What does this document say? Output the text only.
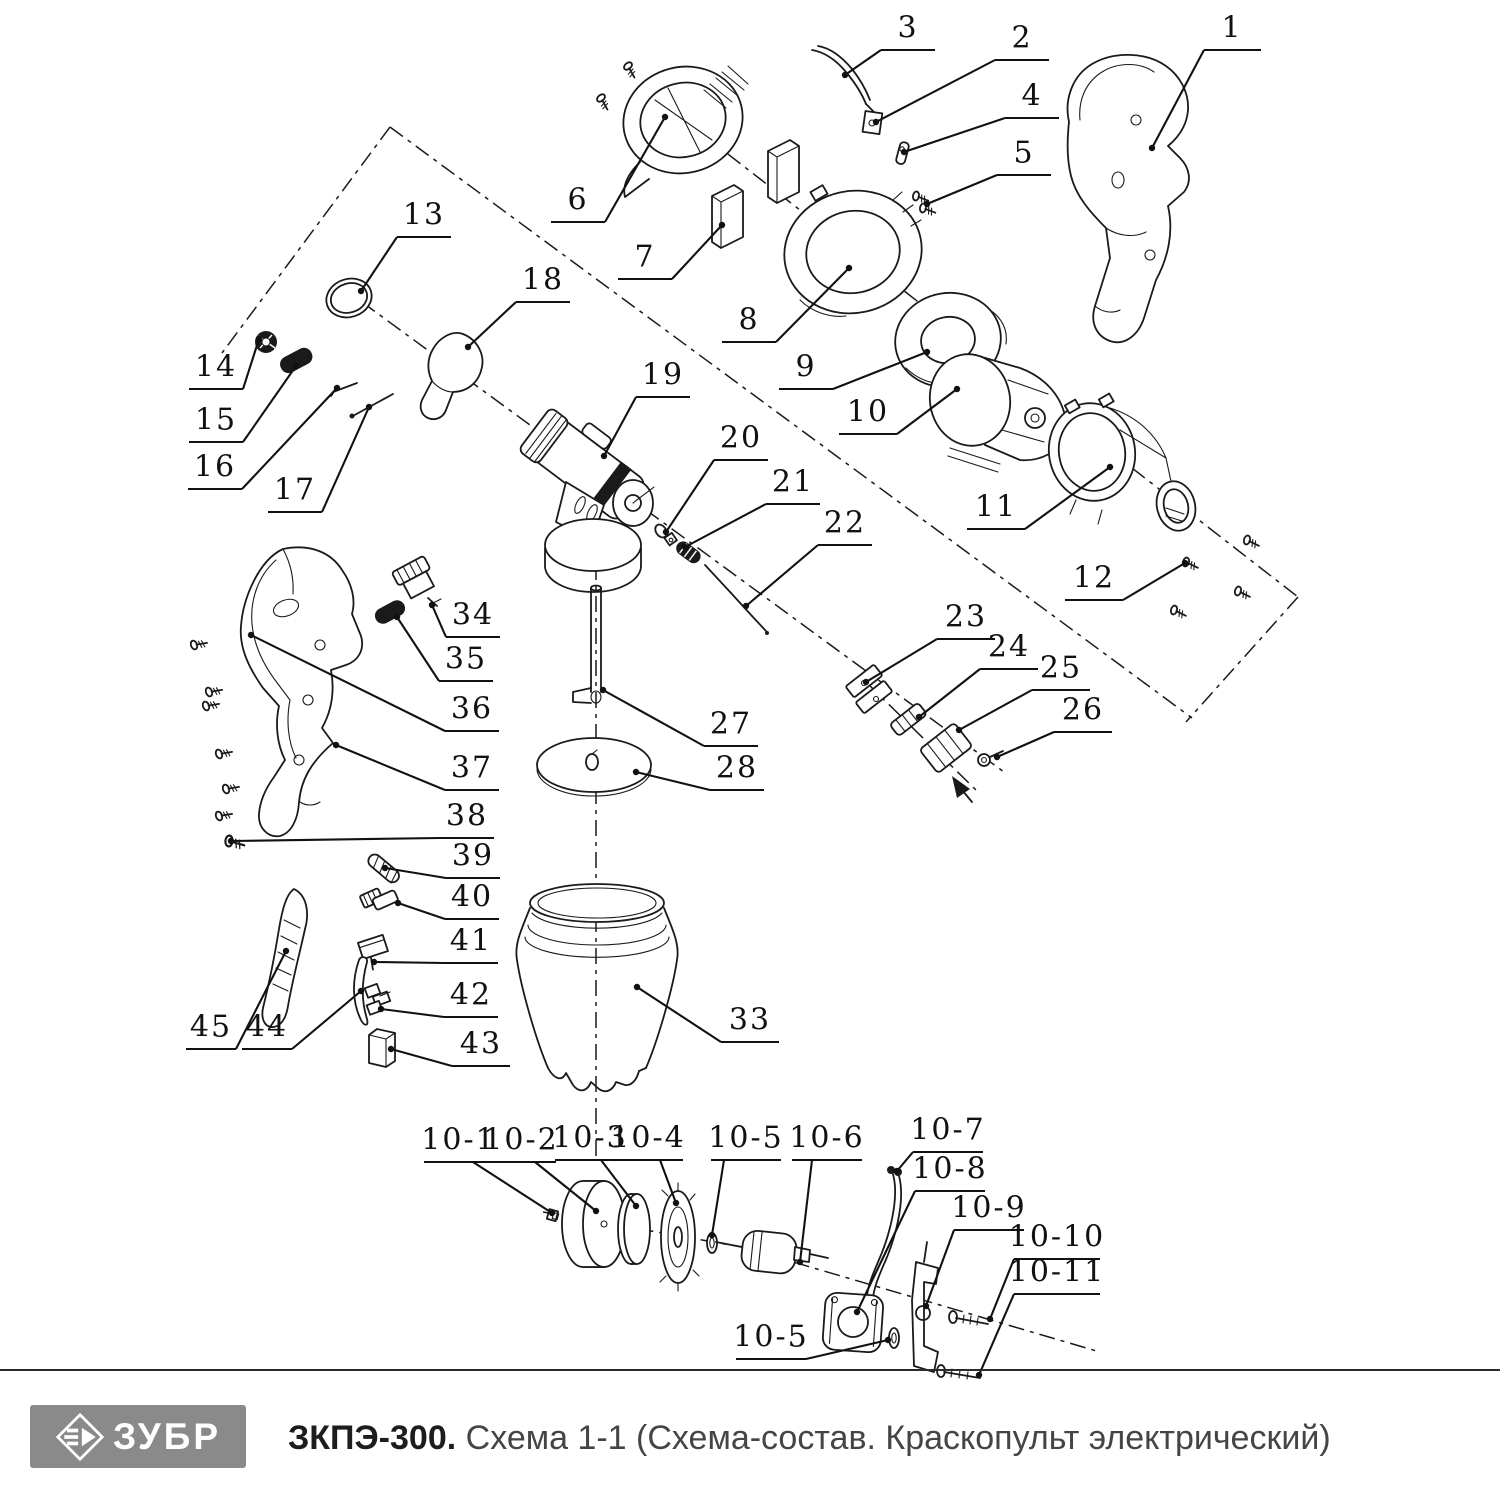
1
2
3
4
5
6
7
8
9
10
11
12
13
14
15
16
17
18
19
20
21
22
23
24
25
26
27
28
33
34
35
36
37
38
39
40
41
42
43
44
45
10-1
10-2
10-3
10-4 10-5 10-6 10-7
10-8
10-9
10-10
10-11
10-5
ЗУБР ЗКПЭ-300. Схема 1-1 (Схема-состав. Краскопульт электрический)
